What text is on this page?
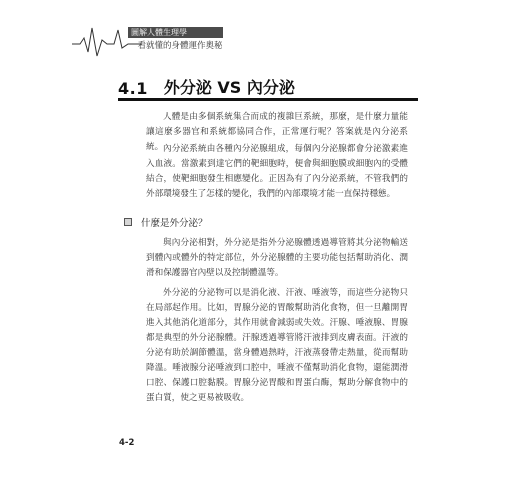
圖解人體生理學
一看就懂的身體運作奧秘
4.1 外分泌 VS 內分泌

人體是由多個系統集合而成的複雜巨系統，那麼，是什麼力量能讓這麼多器官和系統都協同合作，正常運行呢？答案就是內分泌系統。 內分泌系統由各種內分泌腺組成，每個內分泌腺都會分泌激素進入血液。當激素到達它們的靶細胞時，便會與細胞膜或細胞內的受體結合，使靶細胞發生相應變化。正因為有了內分泌系統，不管我們的外部環境發生了怎樣的變化，我們的內部環境才能一直保持穩態。

什麼是外分泌？

與內分泌相對，外分泌是指外分泌腺體透過導管將其分泌物輸送到體內或體外的特定部位，外分泌腺體的主要功能包括幫助消化、潤滑和保護器官內壁以及控制體溫等。

外分泌的分泌物可以是消化液、汗液、唾液等，而這些分泌物只在局部起作用。比如，胃腺分泌的胃酸幫助消化食物，但一旦離開胃進入其他消化道部分，其作用就會減弱或失效。汗腺、唾液腺、胃腺都是典型的外分泌腺體。汗腺透過導管將汗液排到皮膚表面。汗液的分泌有助於調節體溫，當身體過熱時，汗液蒸發帶走熱量，從而幫助降溫。唾液腺分泌唾液到口腔中，唾液不僅幫助消化食物，還能潤滑口腔、保護口腔黏膜。胃腺分泌胃酸和胃蛋白酶，幫助分解食物中的蛋白質，使之更易被吸收。

4-2
